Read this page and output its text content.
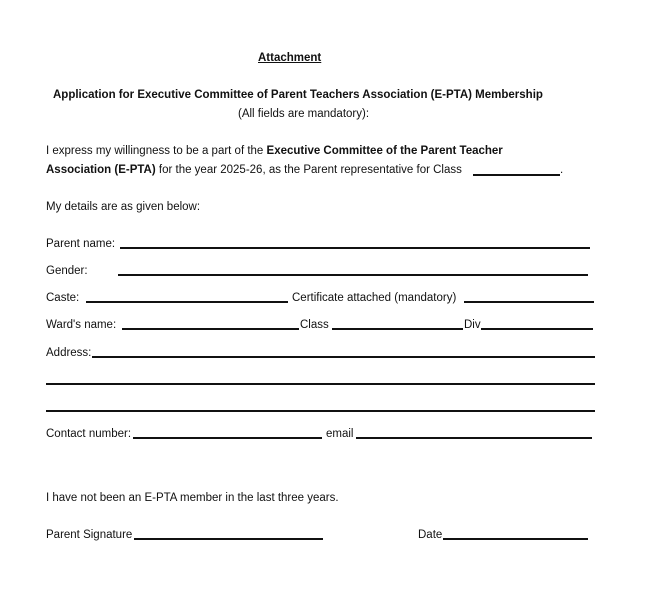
Attachment
Application for Executive Committee of Parent Teachers Association (E-PTA) Membership
(All fields are mandatory):
I express my willingness to be a part of the Executive Committee of the Parent Teacher
Association (E-PTA) for the year 2025-26, as the Parent representative for Class	.
My details are as given below:
Parent name:
Gender:
Caste:	Certificate attached (mandatory)
Ward's name:	Class	Div
Address:
Contact number:	email
I have not been an E-PTA member in the last three years.
Parent Signature	Date
